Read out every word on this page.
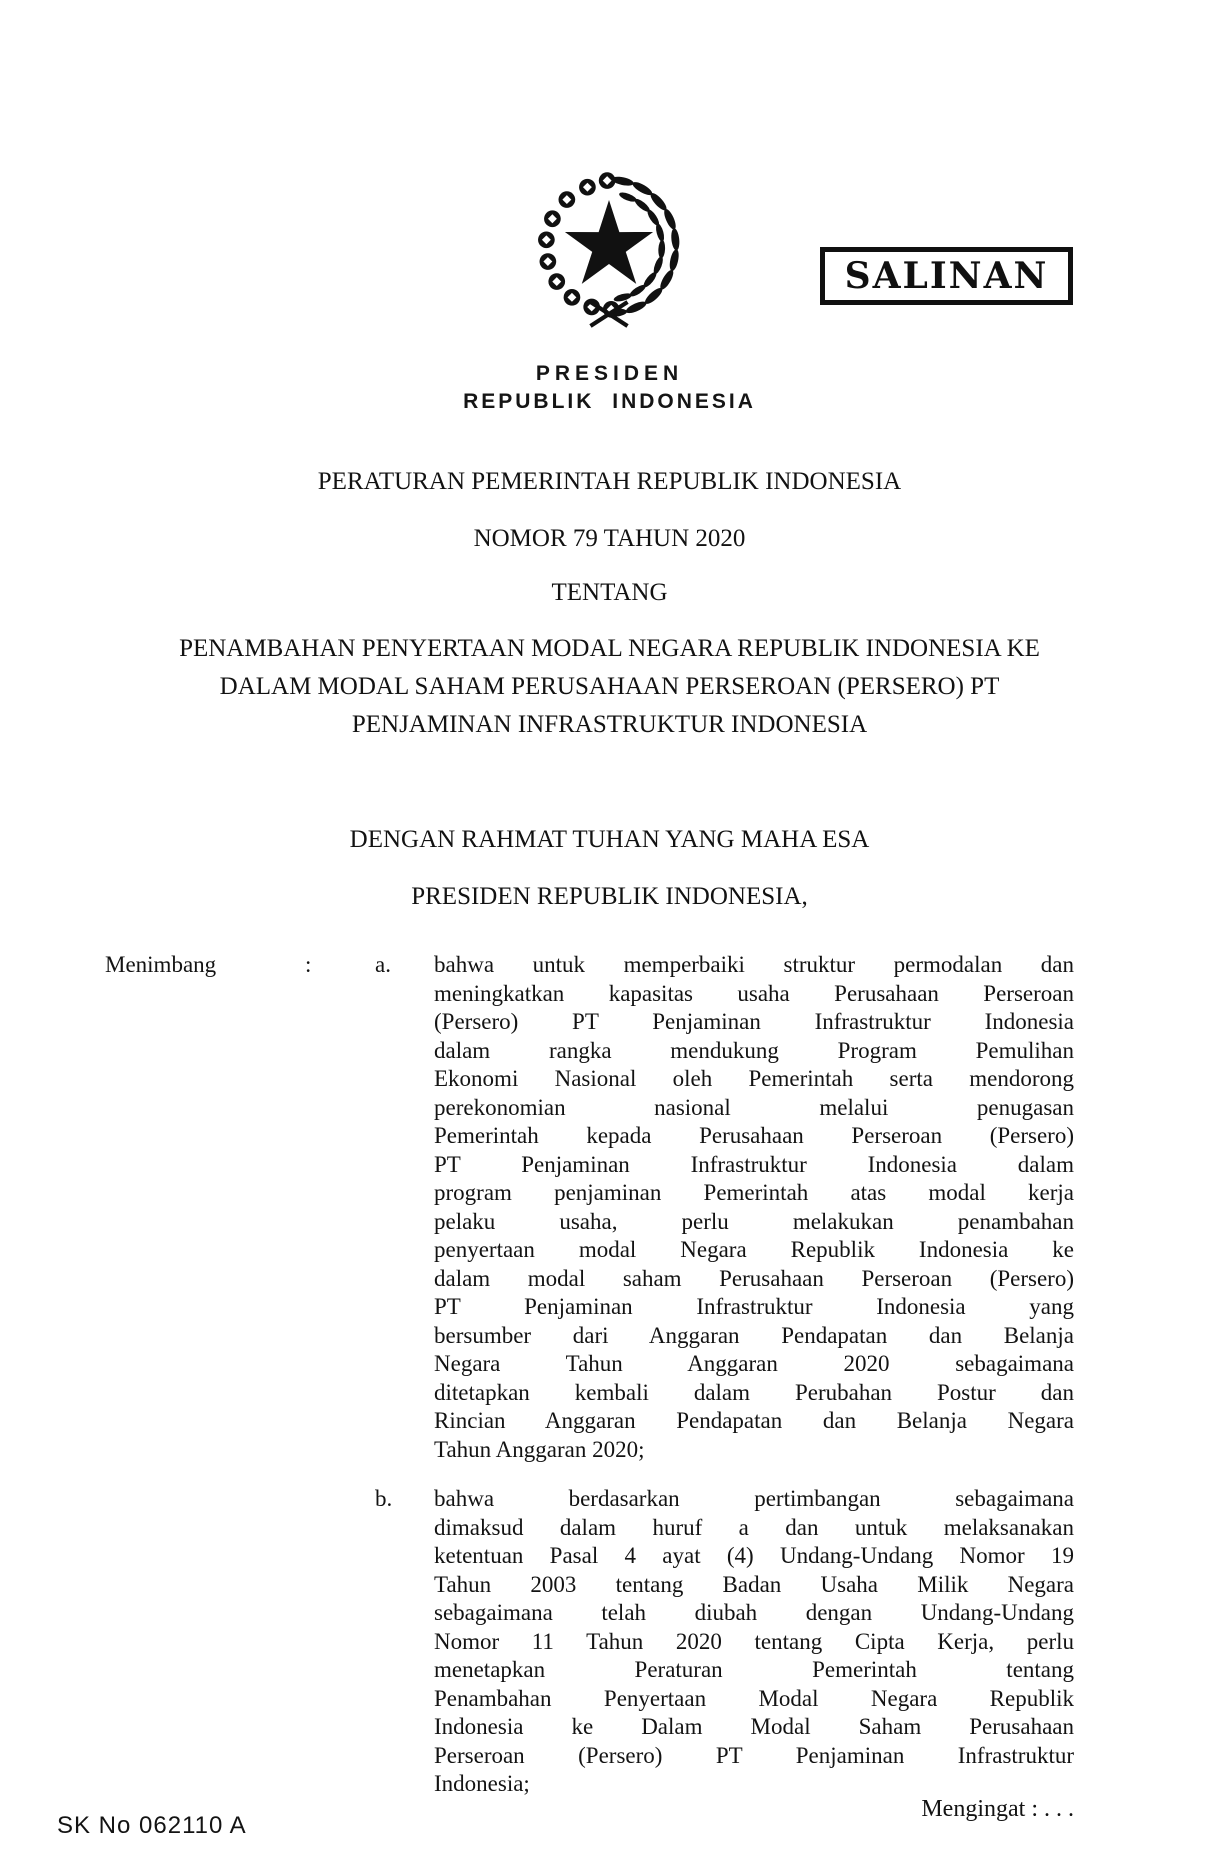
SALINAN
PRESIDEN
REPUBLIK INDONESIA
PERATURAN PEMERINTAH REPUBLIK INDONESIA
NOMOR 79 TAHUN 2020
TENTANG
PENAMBAHAN PENYERTAAN MODAL NEGARA REPUBLIK INDONESIA KE
DALAM MODAL SAHAM PERUSAHAAN PERSEROAN (PERSERO) PT
PENJAMINAN INFRASTRUKTUR INDONESIA
DENGAN RAHMAT TUHAN YANG MAHA ESA
PRESIDEN REPUBLIK INDONESIA,
Menimbang	:	a.	bahwa untuk memperbaiki struktur permodalan dan
meningkatkan kapasitas usaha Perusahaan Perseroan
(Persero) PT Penjaminan Infrastruktur Indonesia
dalam rangka mendukung Program Pemulihan
Ekonomi Nasional oleh Pemerintah serta mendorong
perekonomian nasional melalui penugasan
Pemerintah kepada Perusahaan Perseroan (Persero)
PT Penjaminan Infrastruktur Indonesia dalam
program penjaminan Pemerintah atas modal kerja
pelaku usaha, perlu melakukan penambahan
penyertaan modal Negara Republik Indonesia ke
dalam modal saham Perusahaan Perseroan (Persero)
PT Penjaminan Infrastruktur Indonesia yang
bersumber dari Anggaran Pendapatan dan Belanja
Negara Tahun Anggaran 2020 sebagaimana
ditetapkan kembali dalam Perubahan Postur dan
Rincian Anggaran Pendapatan dan Belanja Negara
Tahun Anggaran 2020;
b.	bahwa berdasarkan pertimbangan sebagaimana
dimaksud dalam huruf a dan untuk melaksanakan
ketentuan Pasal 4 ayat (4) Undang-Undang Nomor 19
Tahun 2003 tentang Badan Usaha Milik Negara
sebagaimana telah diubah dengan Undang-Undang
Nomor 11 Tahun 2020 tentang Cipta Kerja, perlu
menetapkan Peraturan Pemerintah tentang
Penambahan Penyertaan Modal Negara Republik
Indonesia ke Dalam Modal Saham Perusahaan
Perseroan (Persero) PT Penjaminan Infrastruktur
Indonesia;
Mengingat : . . .
SK No 062110 A
